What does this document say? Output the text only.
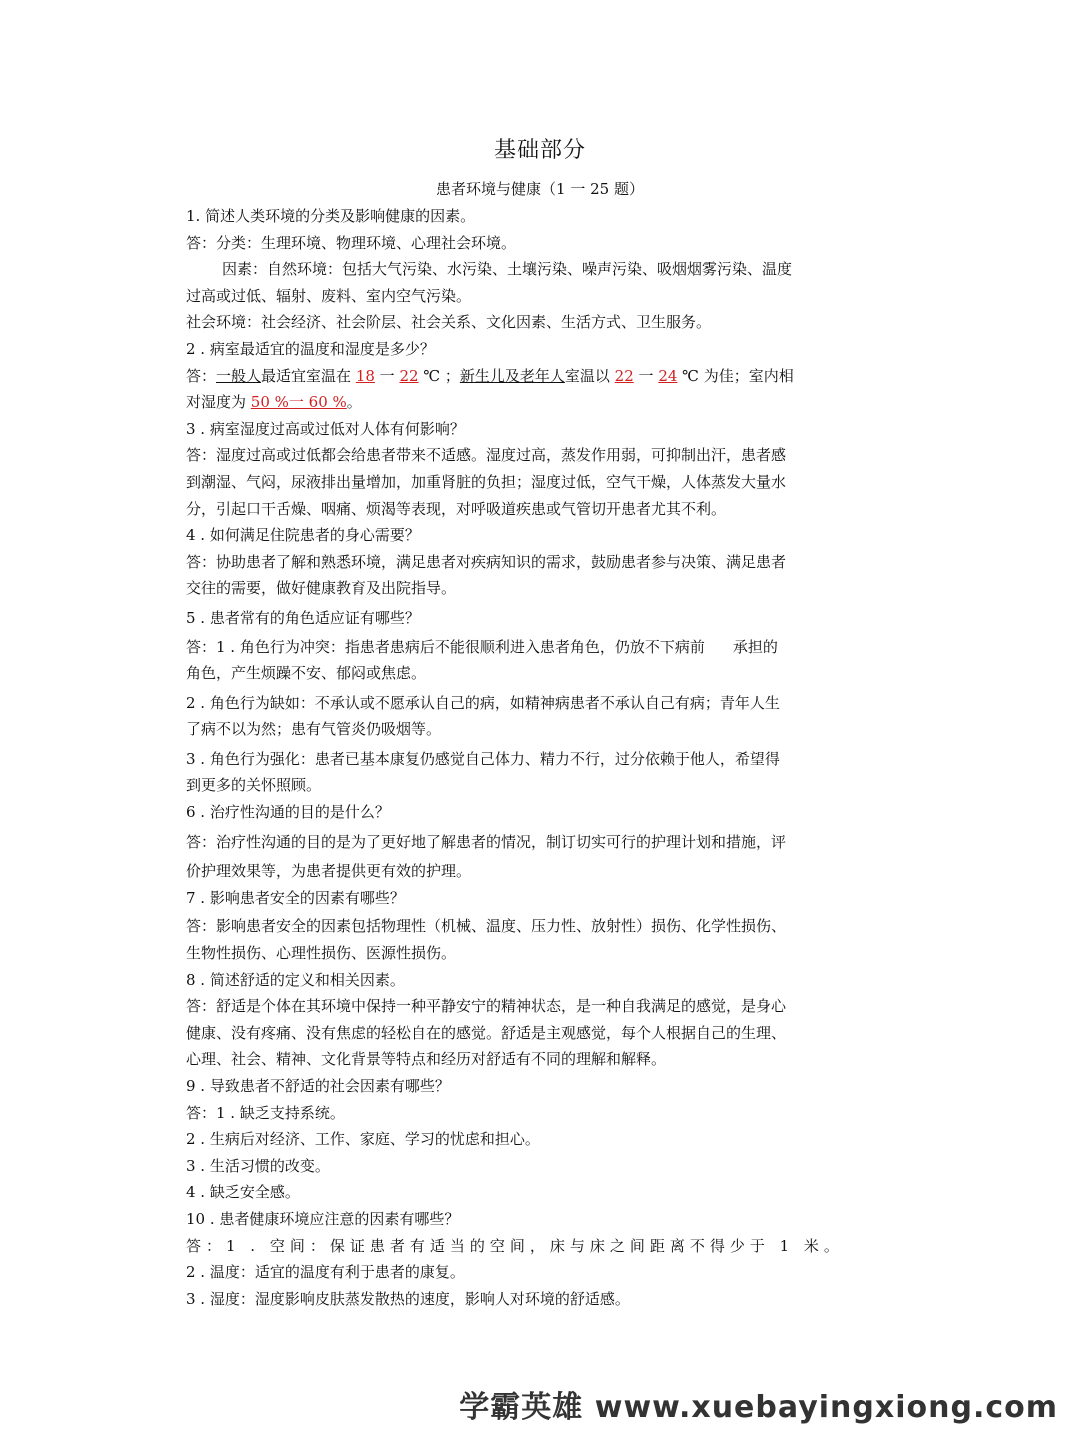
基础部分
患者环境与健康（1 一 25 题）
1. 简述人类环境的分类及影响健康的因素。
答：分类：生理环境、物理环境、心理社会环境。
因素：自然环境：包括大气污染、水污染、土壤污染、噪声污染、吸烟烟雾污染、温度
过高或过低、辐射、废料、室内空气污染。
社会环境：社会经济、社会阶层、社会关系、文化因素、生活方式、卫生服务。
2 . 病室最适宜的温度和湿度是多少？
答：一般人最适宜室温在 18 一 22 ℃ ；新生儿及老年人室温以 22 一 24 ℃ 为佳；室内相
对湿度为 50 %一 60 %。
3 . 病室湿度过高或过低对人体有何影响？
答：湿度过高或过低都会给患者带来不适感。湿度过高，蒸发作用弱，可抑制出汗，患者感
到潮湿、气闷，尿液排出量增加，加重肾脏的负担；湿度过低，空气干燥，人体蒸发大量水
分，引起口干舌燥、咽痛、烦渴等表现，对呼吸道疾患或气管切开患者尤其不利。
4 . 如何满足住院患者的身心需要？
答：协助患者了解和熟悉环境，满足患者对疾病知识的需求，鼓励患者参与决策、满足患者
交往的需要，做好健康教育及出院指导。
5 . 患者常有的角色适应证有哪些？
答：1 . 角色行为冲突：指患者患病后不能很顺利进入患者角色，仍放不下病前 承担的
角色，产生烦躁不安、郁闷或焦虑。
2 . 角色行为缺如：不承认或不愿承认自己的病，如精神病患者不承认自己有病；青年人生
了病不以为然；患有气管炎仍吸烟等。
3 . 角色行为强化：患者已基本康复仍感觉自己体力、精力不行，过分依赖于他人，希望得
到更多的关怀照顾。
6 . 治疗性沟通的目的是什么？
答：治疗性沟通的目的是为了更好地了解患者的情况，制订切实可行的护理计划和措施，评
价护理效果等，为患者提供更有效的护理。
7 . 影响患者安全的因素有哪些？
答：影响患者安全的因素包括物理性（机械、温度、压力性、放射性）损伤、化学性损伤、
生物性损伤、心理性损伤、医源性损伤。
8 . 简述舒适的定义和相关因素。
答：舒适是个体在其环境中保持一种平静安宁的精神状态，是一种自我满足的感觉，是身心
健康、没有疼痛、没有焦虑的轻松自在的感觉。舒适是主观感觉，每个人根据自己的生理、
心理、社会、精神、文化背景等特点和经历对舒适有不同的理解和解释。
9 . 导致患者不舒适的社会因素有哪些？
答：1 . 缺乏支持系统。
2 . 生病后对经济、工作、家庭、学习的忧虑和担心。
3 . 生活习惯的改变。
4 . 缺乏安全感。
10 . 患者健康环境应注意的因素有哪些？
答：1 . 空间：保证患者有适当的空间，床与床之间距离不得少于 1 米。
2 . 温度：适宜的温度有利于患者的康复。
3 . 湿度：湿度影响皮肤蒸发散热的速度，影响人对环境的舒适感。
学霸英雄 www.xuebayingxiong.com
